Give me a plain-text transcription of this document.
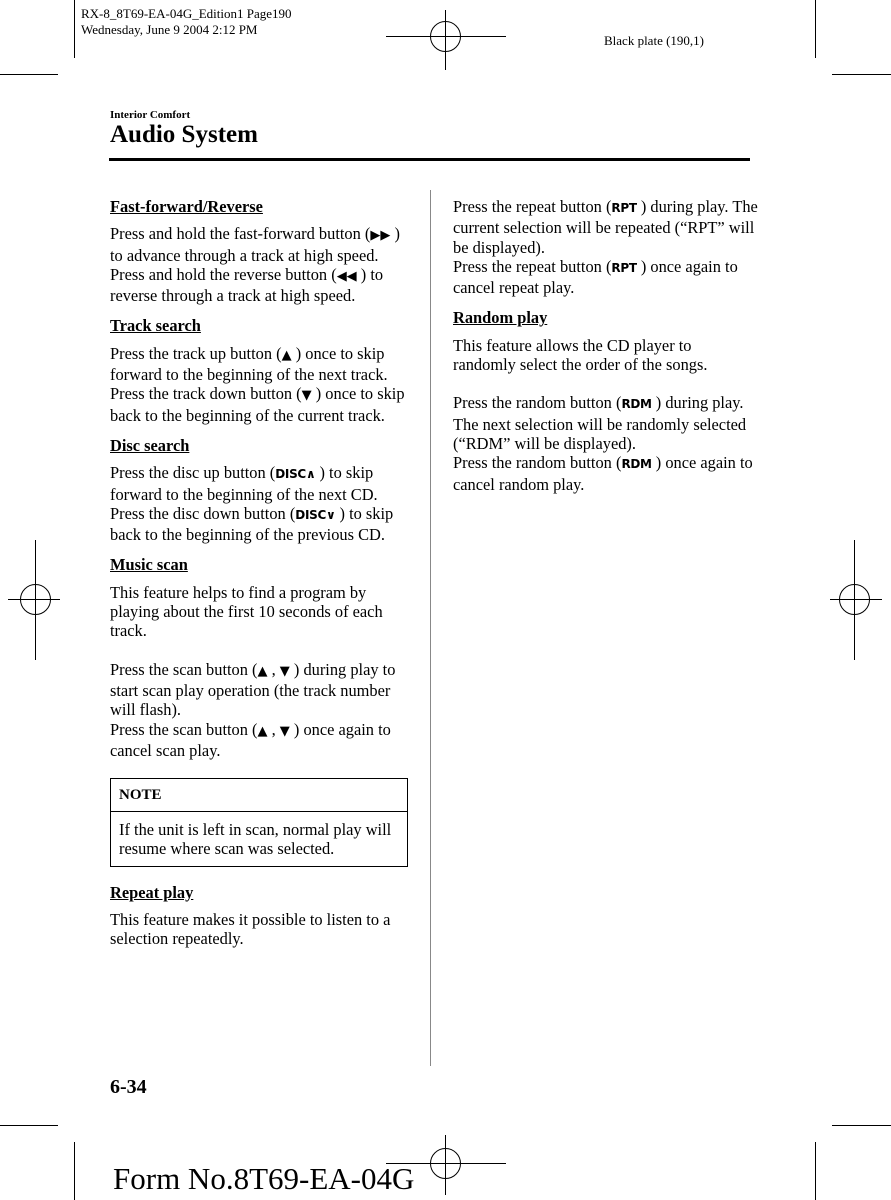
RX-8_8T69-EA-04G_Edition1 Page190
Wednesday, June 9 2004 2:12 PM
Black plate (190,1)
Interior Comfort
Audio System
Fast-forward/Reverse

Press and hold the fast-forward button (▶▶ ) to advance through a track at high speed.

Press and hold the reverse button (◀◀ ) to reverse through a track at high speed.

Track search

Press the track up button (▲ ) once to skip forward to the beginning of the next track.

Press the track down button (▼ ) once to skip back to the beginning of the current track.

Disc search

Press the disc up button (DISC∧ ) to skip forward to the beginning of the next CD.

Press the disc down button (DISC∨ ) to skip back to the beginning of the previous CD.

Music scan

This feature helps to find a program by playing about the first 10 seconds of each track.

Press the scan button (▲ , ▼ ) during play to start scan play operation (the track number will flash).

Press the scan button (▲ , ▼ ) once again to cancel scan play.

NOTE
If the unit is left in scan, normal play will resume where scan was selected.
Repeat play

This feature makes it possible to listen to a selection repeatedly.

Press the repeat button (RPT ) during play. The current selection will be repeated (“RPT” will be displayed).

Press the repeat button (RPT ) once again to cancel repeat play.

Random play

This feature allows the CD player to randomly select the order of the songs.

Press the random button (RDM ) during play. The next selection will be randomly selected (“RDM” will be displayed).

Press the random button (RDM ) once again to cancel random play.

6-34
Form No.8T69-EA-04G
